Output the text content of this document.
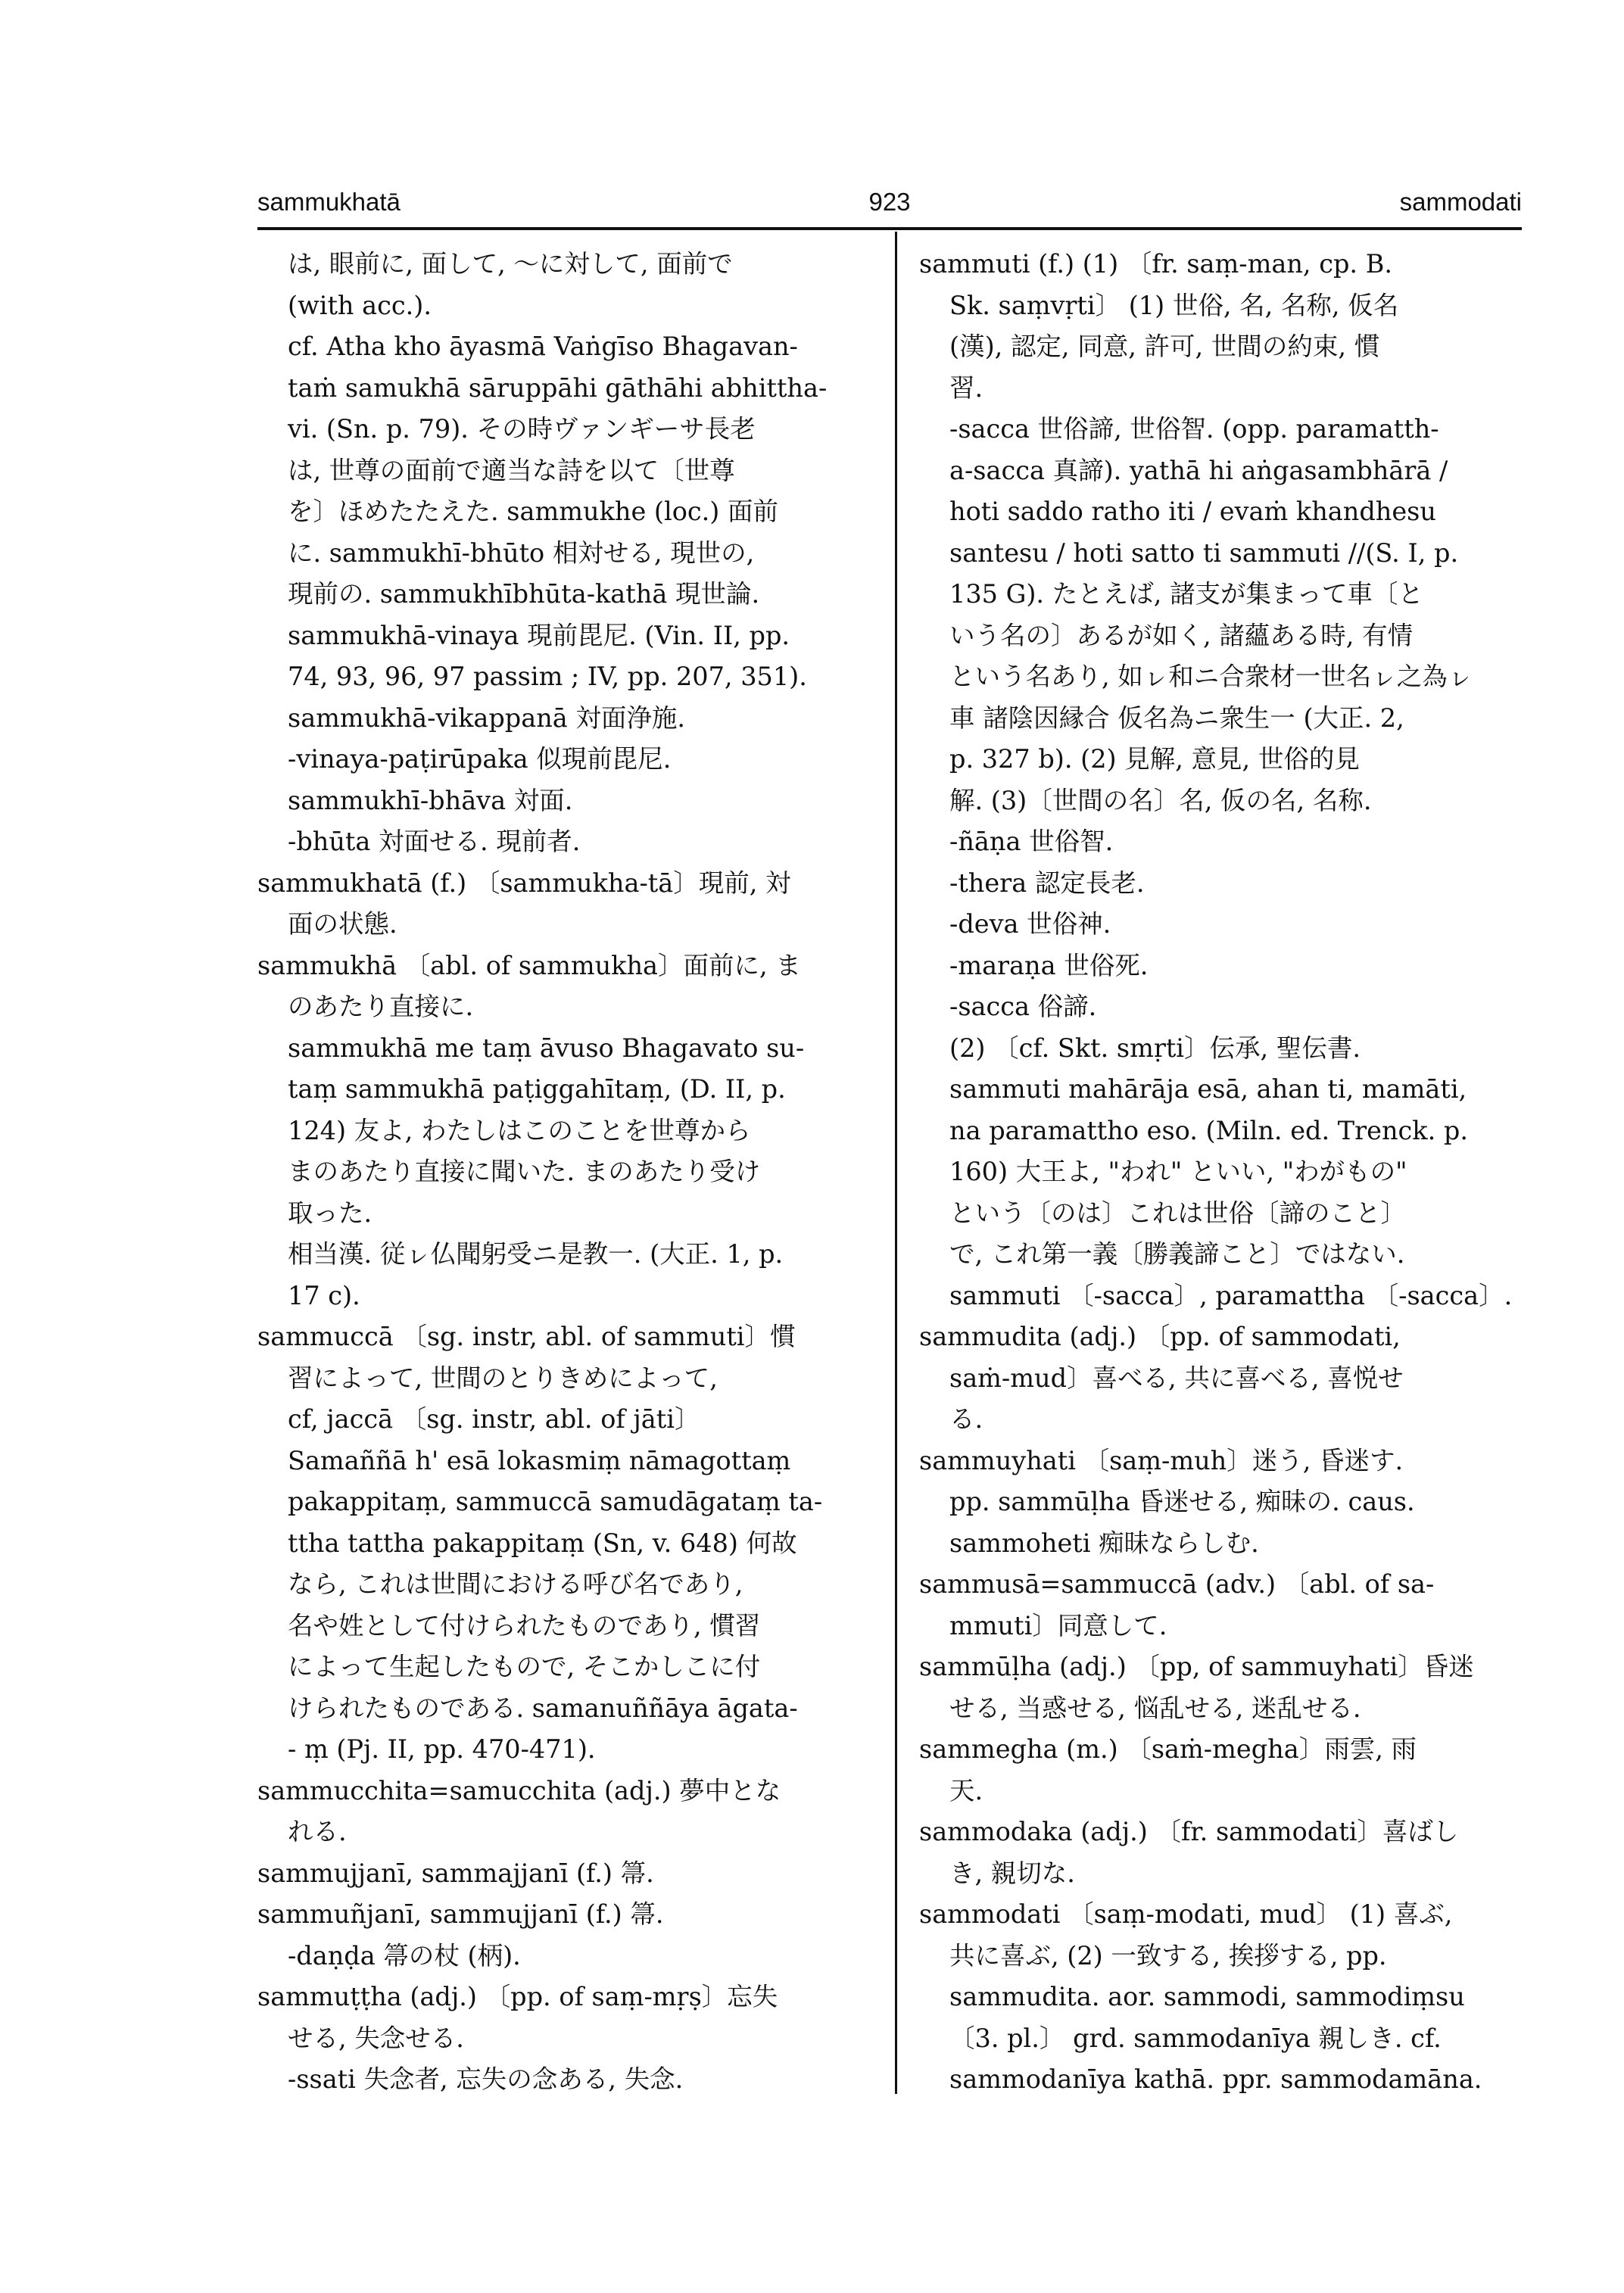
sammukhatā	923	sammodati
は, 眼前に, 面して, ～に対して, 面前で
(with acc.).
cf. Atha kho āyasmā Vaṅgīso Bhagavan-
taṁ samukhā sāruppāhi gāthāhi abhittha-
vi. (Sn. p. 79). その時ヴァンギーサ長老
は, 世尊の面前で適当な詩を以て〔世尊
を〕ほめたたえた. sammukhe (loc.) 面前
に. sammukhī-bhūto 相対せる, 現世の,
現前の. sammukhībhūta-kathā 現世論.
sammukhā-vinaya 現前毘尼. (Vin. II, pp.
74, 93, 96, 97 passim ; IV, pp. 207, 351).
sammukhā-vikappanā 対面浄施.
-vinaya-paṭirūpaka 似現前毘尼.
sammukhī-bhāva 対面.
-bhūta 対面せる. 現前者.
sammukhatā (f.) 〔sammukha-tā〕現前, 対
面の状態.
sammukhā 〔abl. of sammukha〕面前に, ま
のあたり直接に.
sammukhā me taṃ āvuso Bhagavato su-
taṃ sammukhā paṭiggahītaṃ, (D. II, p.
124) 友よ, わたしはこのことを世尊から
まのあたり直接に聞いた. まのあたり受け
取った.
相当漢. 従ㇾ仏聞躬受ニ是教一. (大正. 1, p.
17 c).
sammuccā 〔sg. instr, abl. of sammuti〕慣
習によって, 世間のとりきめによって,
cf, jaccā 〔sg. instr, abl. of jāti〕
Samaññā h' esā lokasmiṃ nāmagottaṃ
pakappitaṃ, sammuccā samudāgataṃ ta-
ttha tattha pakappitaṃ (Sn, v. 648) 何故
なら, これは世間における呼び名であり,
名や姓として付けられたものであり, 慣習
によって生起したもので, そこかしこに付
けられたものである. samanuññāya āgata-
- ṃ (Pj. II, pp. 470-471).
sammucchita=samucchita (adj.) 夢中とな
れる.
sammujjanī, sammajjanī (f.) 箒.
sammuñjanī, sammujjanī (f.) 箒.
-daṇḍa 箒の杖 (柄).
sammuṭṭha (adj.) 〔pp. of saṃ-mṛṣ〕忘失
せる, 失念せる.
-ssati 失念者, 忘失の念ある, 失念.
sammuti (f.) (1) 〔fr. saṃ-man, cp. B.
Sk. saṃvṛti〕 (1) 世俗, 名, 名称, 仮名
(漢), 認定, 同意, 許可, 世間の約束, 慣
習.
-sacca 世俗諦, 世俗智. (opp. paramatth-
a-sacca 真諦). yathā hi aṅgasambhārā /
hoti saddo ratho iti / evaṁ khandhesu
santesu / hoti satto ti sammuti //(S. I, p.
135 G). たとえば, 諸支が集まって車〔と
いう名の〕あるが如く, 諸蘊ある時, 有情
という名あり, 如ㇾ和ニ合衆材一世名ㇾ之為ㇾ
車 諸陰因縁合 仮名為ニ衆生一 (大正. 2,
p. 327 b). (2) 見解, 意見, 世俗的見
解. (3)〔世間の名〕名, 仮の名, 名称.
-ñāṇa 世俗智.
-thera 認定長老.
-deva 世俗神.
-maraṇa 世俗死.
-sacca 俗諦.
(2) 〔cf. Skt. smṛti〕伝承, 聖伝書.
sammuti mahārāja esā, ahan ti, mamāti,
na paramattho eso. (Miln. ed. Trenck. p.
160) 大王よ, "われ" といい, "わがもの"
という〔のは〕これは世俗〔諦のこと〕
で, これ第一義〔勝義諦こと〕ではない.
sammuti 〔-sacca〕, paramattha 〔-sacca〕.
sammudita (adj.) 〔pp. of sammodati,
saṁ-mud〕喜べる, 共に喜べる, 喜悦せ
る.
sammuyhati 〔saṃ-muh〕迷う, 昏迷す.
pp. sammūḷha 昏迷せる, 痴昧の. caus.
sammoheti 痴昧ならしむ.
sammusā=sammuccā (adv.) 〔abl. of sa-
mmuti〕同意して.
sammūḷha (adj.) 〔pp, of sammuyhati〕昏迷
せる, 当惑せる, 悩乱せる, 迷乱せる.
sammegha (m.) 〔saṁ-megha〕雨雲, 雨
天.
sammodaka (adj.) 〔fr. sammodati〕喜ばし
き, 親切な.
sammodati 〔saṃ-modati, mud〕 (1) 喜ぶ,
共に喜ぶ, (2) 一致する, 挨拶する, pp.
sammudita. aor. sammodi, sammodiṃsu
〔3. pl.〕 grd. sammodanīya 親しき. cf.
sammodanīya kathā. ppr. sammodamāna.
